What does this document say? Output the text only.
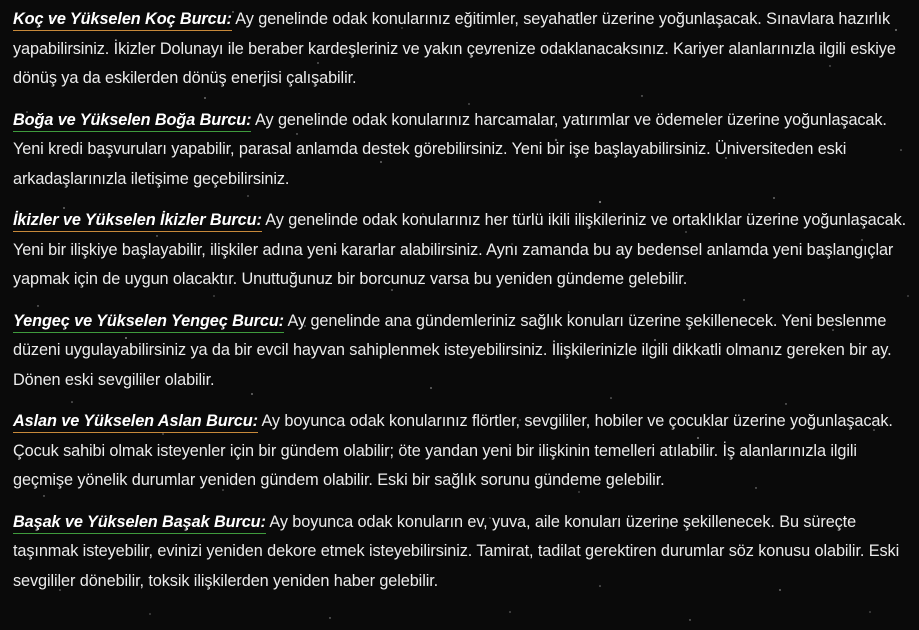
Koç ve Yükselen Koç Burcu: Ay genelinde odak konularınız eğitimler, seyahatler üzerine yoğunlaşacak. Sınavlara hazırlık yapabilirsiniz. İkizler Dolunayı ile beraber kardeşleriniz ve yakın çevrenize odaklanacaksınız. Kariyer alanlarınızla ilgili eskiye dönüş ya da eskilerden dönüş enerjisi çalışabilir.

Boğa ve Yükselen Boğa Burcu: Ay genelinde odak konularınız harcamalar, yatırımlar ve ödemeler üzerine yoğunlaşacak. Yeni kredi başvuruları yapabilir, parasal anlamda destek görebilirsiniz. Yeni bir işe başlayabilirsiniz. Üniversiteden eski arkadaşlarınızla iletişime geçebilirsiniz.

İkizler ve Yükselen İkizler Burcu: Ay genelinde odak konularınız her türlü ikili ilişkileriniz ve ortaklıklar üzerine yoğunlaşacak. Yeni bir ilişkiye başlayabilir, ilişkiler adına yeni kararlar alabilirsiniz. Aynı zamanda bu ay bedensel anlamda yeni başlangıçlar yapmak için de uygun olacaktır. Unuttuğunuz bir borcunuz varsa bu yeniden gündeme gelebilir.

Yengeç ve Yükselen Yengeç Burcu: Ay genelinde ana gündemleriniz sağlık konuları üzerine şekillenecek. Yeni beslenme düzeni uygulayabilirsiniz ya da bir evcil hayvan sahiplenmek isteyebilirsiniz. İlişkilerinizle ilgili dikkatli olmanız gereken bir ay. Dönen eski sevgililer olabilir.

Aslan ve Yükselen Aslan Burcu: Ay boyunca odak konularınız flörtler, sevgililer, hobiler ve çocuklar üzerine yoğunlaşacak. Çocuk sahibi olmak isteyenler için bir gündem olabilir; öte yandan yeni bir ilişkinin temelleri atılabilir. İş alanlarınızla ilgili geçmişe yönelik durumlar yeniden gündem olabilir. Eski bir sağlık sorunu gündeme gelebilir.

Başak ve Yükselen Başak Burcu: Ay boyunca odak konuların ev, yuva, aile konuları üzerine şekillenecek. Bu süreçte taşınmak isteyebilir, evinizi yeniden dekore etmek isteyebilirsiniz. Tamirat, tadilat gerektiren durumlar söz konusu olabilir. Eski sevgililer dönebilir, toksik ilişkilerden yeniden haber gelebilir.
